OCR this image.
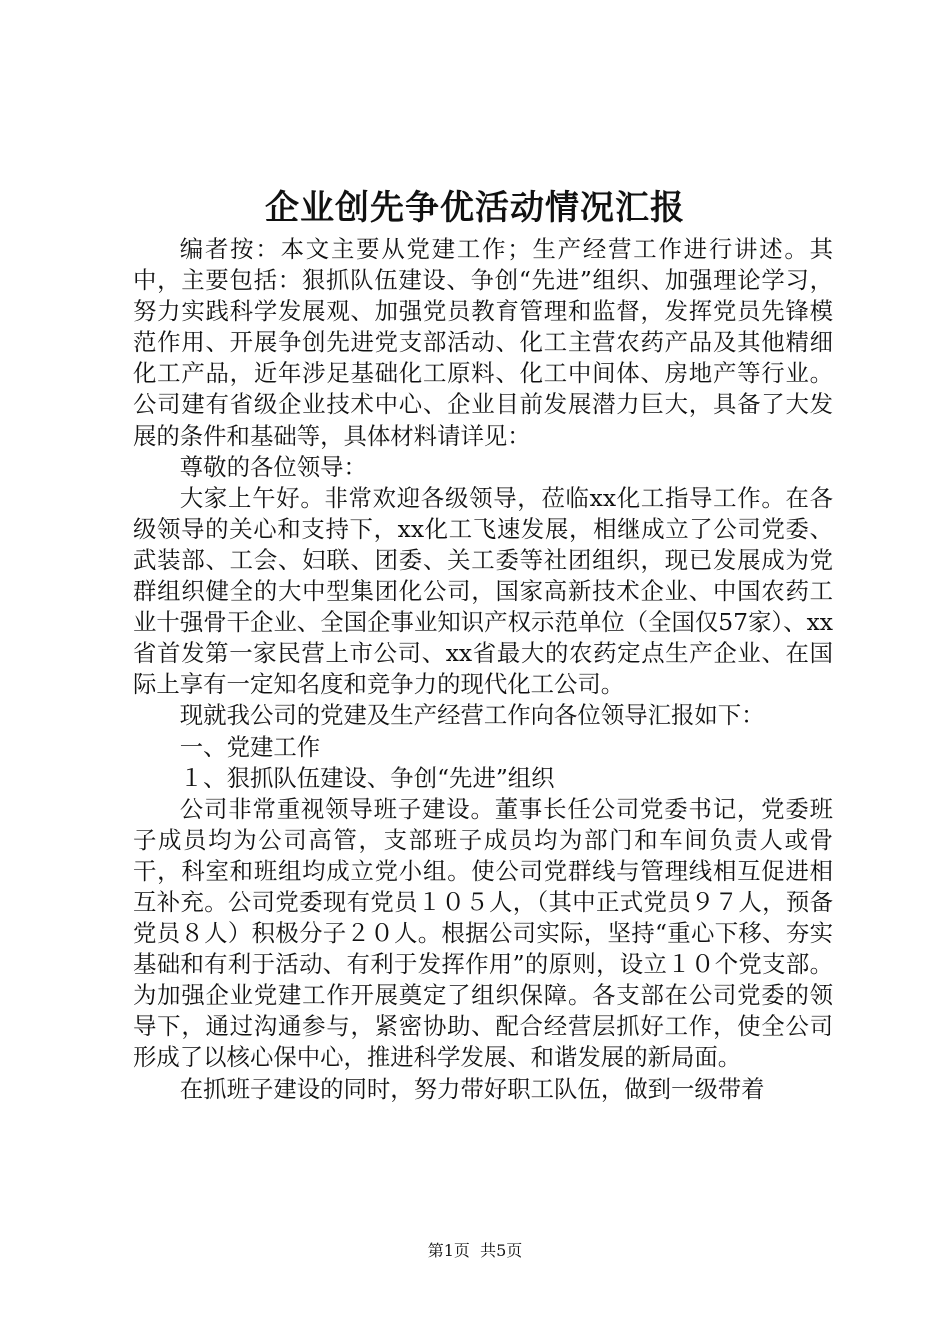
企业创先争优活动情况汇报

编者按：本文主要从党建工作；生产经营工作进行讲述。其中，主要包括：狠抓队伍建设、争创“先进”组织、加强理论学习，努力实践科学发展观、加强党员教育管理和监督，发挥党员先锋模范作用、开展争创先进党支部活动、化工主营农药产品及其他精细化工产品，近年涉足基础化工原料、化工中间体、房地产等行业。公司建有省级企业技术中心、企业目前发展潜力巨大，具备了大发展的条件和基础等，具体材料请详见：

尊敬的各位领导：

大家上午好。非常欢迎各级领导，莅临xx化工指导工作。在各级领导的关心和支持下，xx化工飞速发展，相继成立了公司党委、武装部、工会、妇联、团委、关工委等社团组织，现已发展成为党群组织健全的大中型集团化公司，国家高新技术企业、中国农药工业十强骨干企业、全国企事业知识产权示范单位（全国仅57家）、xx省首发第一家民营上市公司、xx省最大的农药定点生产企业、在国际上享有一定知名度和竞争力的现代化工公司。

现就我公司的党建及生产经营工作向各位领导汇报如下：

一、党建工作

１、狠抓队伍建设、争创“先进”组织

公司非常重视领导班子建设。董事长任公司党委书记，党委班子成员均为公司高管，支部班子成员均为部门和车间负责人或骨干，科室和班组均成立党小组。使公司党群线与管理线相互促进相互补充。公司党委现有党员１０５人，（其中正式党员９７人，预备党员８人）积极分子２０人。根据公司实际，坚持“重心下移、夯实基础和有利于活动、有利于发挥作用”的原则，设立１０个党支部。为加强企业党建工作开展奠定了组织保障。各支部在公司党委的领导下，通过沟通参与，紧密协助、配合经营层抓好工作，使全公司形成了以核心保中心，推进科学发展、和谐发展的新局面。

在抓班子建设的同时，努力带好职工队伍，做到一级带着

第1页 共5页
